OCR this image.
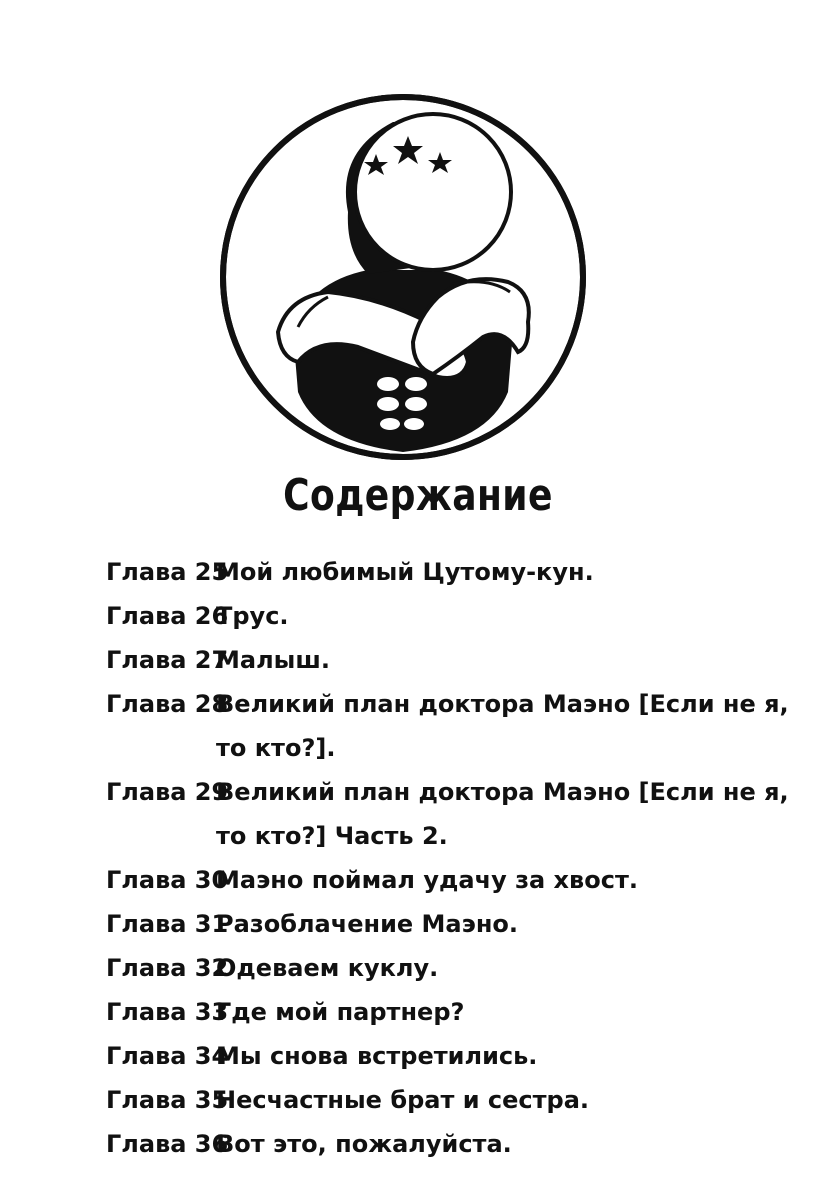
Содержание
Глава 25
Мой любимый Цутому-кун.
Глава 26
Трус.
Глава 27
Малыш.
Глава 28
Великий план доктора Маэно [Если не я, то кто?].
Глава 29
Великий план доктора Маэно [Если не я, то кто?] Часть 2.
Глава 30
Маэно поймал удачу за хвост.
Глава 31
Разоблачение Маэно.
Глава 32
Одеваем куклу.
Глава 33
Где мой партнер?
Глава 34
Мы снова встретились.
Глава 35
Несчастные брат и сестра.
Глава 36
Вот это, пожалуйста.
